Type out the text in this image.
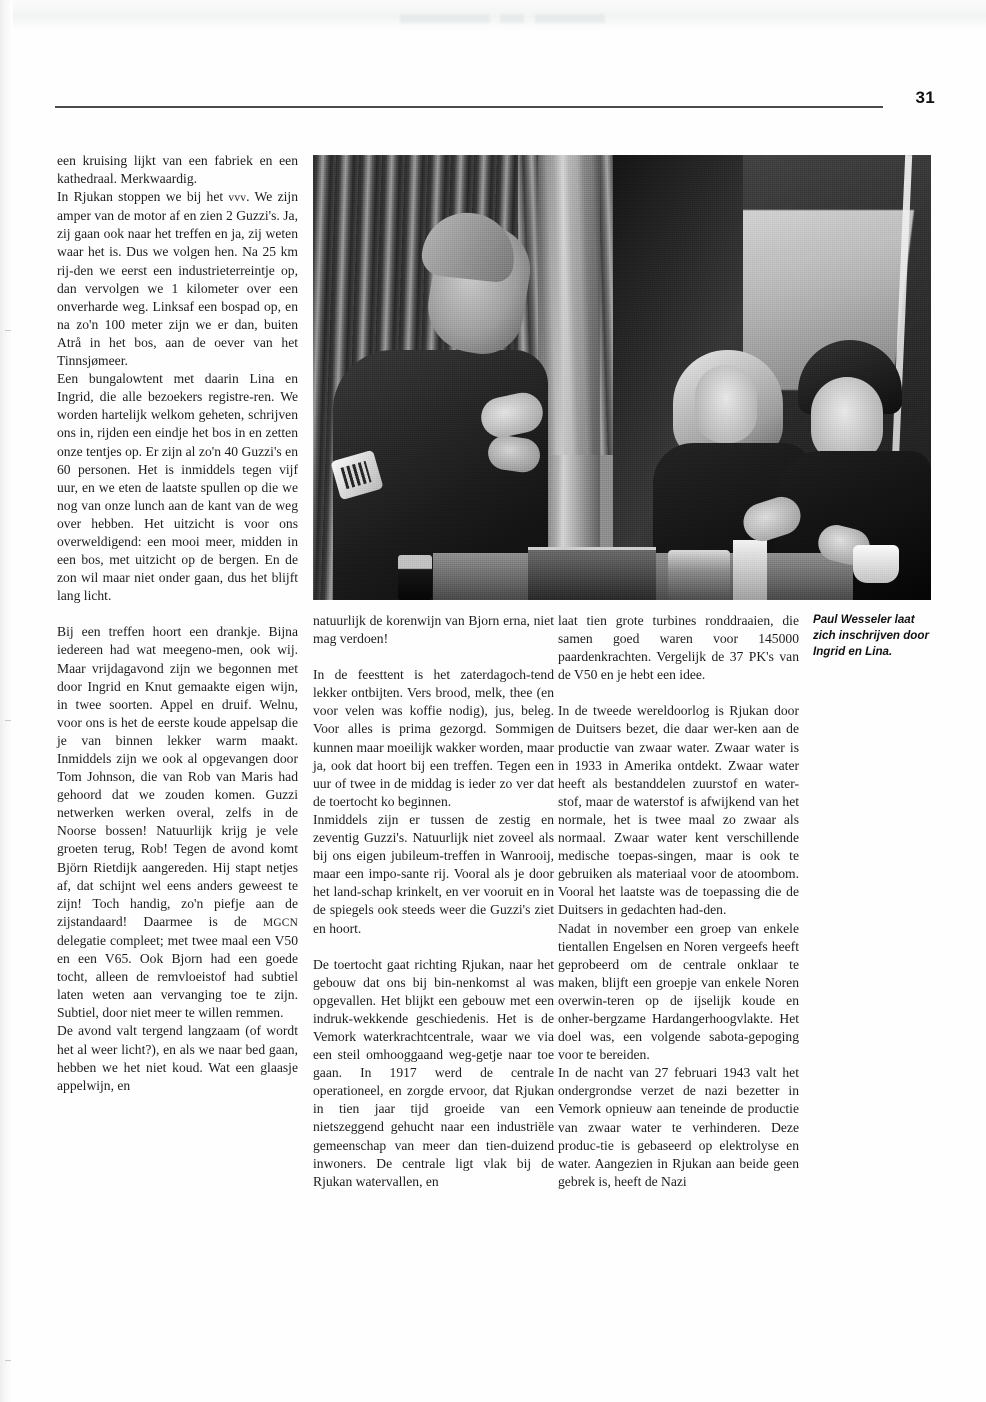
31
Paul Wesseler laat zich inschrijven door Ingrid en Lina.

een kruising lijkt van een fabriek en een kathedraal. Merkwaardig.

In Rjukan stoppen we bij het vvv. We zijn amper van de motor af en zien 2 Guzzi's. Ja, zij gaan ook naar het treffen en ja, zij weten waar het is. Dus we volgen hen. Na 25 km rij-den we eerst een industrieterreintje op, dan vervolgen we 1 kilometer over een onverharde weg. Linksaf een bospad op, en na zo'n 100 meter zijn we er dan, buiten Atrå in het bos, aan de oever van het Tinnsjømeer.

Een bungalowtent met daarin Lina en Ingrid, die alle bezoekers registre-ren. We worden hartelijk welkom geheten, schrijven ons in, rijden een eindje het bos in en zetten onze tentjes op. Er zijn al zo'n 40 Guzzi's en 60 personen. Het is inmiddels tegen vijf uur, en we eten de laatste spullen op die we nog van onze lunch aan de kant van de weg over hebben. Het uitzicht is voor ons overweldigend: een mooi meer, midden in een bos, met uitzicht op de bergen. En de zon wil maar niet onder gaan, dus het blijft lang licht.

Bij een treffen hoort een drankje. Bijna iedereen had wat meegeno-men, ook wij. Maar vrijdagavond zijn we begonnen met door Ingrid en Knut gemaakte eigen wijn, in twee soorten. Appel en druif. Welnu, voor ons is het de eerste koude appelsap die je van binnen lekker warm maakt. Inmiddels zijn we ook al opgevangen door Tom Johnson, die van Rob van Maris had gehoord dat we zouden komen. Guzzi netwerken werken overal, zelfs in de Noorse bossen! Natuurlijk krijg je vele groeten terug, Rob! Tegen de avond komt Björn Rietdijk aangereden. Hij stapt netjes af, dat schijnt wel eens anders geweest te zijn! Toch handig, zo'n piefje aan de zijstandaard! Daarmee is de MGCN delegatie compleet; met twee maal een V50 en een V65. Ook Bjorn had een goede tocht, alleen de remvloeistof had subtiel laten weten aan vervanging toe te zijn. Subtiel, door niet meer te willen remmen.

De avond valt tergend langzaam (of wordt het al weer licht?), en als we naar bed gaan, hebben we het niet koud. Wat een glaasje appelwijn, en

natuurlijk de korenwijn van Bjorn erna, niet mag verdoen!

In de feesttent is het zaterdagoch-tend lekker ontbijten. Vers brood, melk, thee (en voor velen was koffie nodig), jus, beleg. Voor alles is prima gezorgd. Sommigen kunnen maar moeilijk wakker worden, maar ja, ook dat hoort bij een treffen. Tegen een uur of twee in de middag is ieder zo ver dat de toertocht ko beginnen.

Inmiddels zijn er tussen de zestig en zeventig Guzzi's. Natuurlijk niet zoveel als bij ons eigen jubileum-treffen in Wanrooij, maar een impo-sante rij. Vooral als je door het land-schap krinkelt, en ver vooruit en in de spiegels ook steeds weer die Guzzi's ziet en hoort.

De toertocht gaat richting Rjukan, naar het gebouw dat ons bij bin-nenkomst al was opgevallen. Het blijkt een gebouw met een indruk-wekkende geschiedenis. Het is de Vemork waterkrachtcentrale, waar we via een steil omhooggaand weg-getje naar toe gaan. In 1917 werd de centrale operationeel, en zorgde ervoor, dat Rjukan in tien jaar tijd groeide van een nietszeggend gehucht naar een industriële gemeenschap van meer dan tien-duizend inwoners. De centrale ligt vlak bij de Rjukan watervallen, en

laat tien grote turbines ronddraaien, die samen goed waren voor 145000 paardenkrachten. Vergelijk de 37 PK's van de V50 en je hebt een idee.

In de tweede wereldoorlog is Rjukan door de Duitsers bezet, die daar wer-ken aan de productie van zwaar water. Zwaar water is in 1933 in Amerika ontdekt. Zwaar water heeft als bestanddelen zuurstof en water-stof, maar de waterstof is afwijkend van het normale, het is twee maal zo zwaar als normaal. Zwaar water kent verschillende medische toepas-singen, maar is ook te gebruiken als materiaal voor de atoombom. Vooral het laatste was de toepassing die de Duitsers in gedachten had-den.

Nadat in november een groep van enkele tientallen Engelsen en Noren vergeefs heeft geprobeerd om de centrale onklaar te maken, blijft een groepje van enkele Noren overwin-teren op de ijselijk koude en onher-bergzame Hardangerhoogvlakte. Het doel was, een volgende sabota-gepoging voor te bereiden.

In de nacht van 27 februari 1943 valt het ondergrondse verzet de nazi bezetter in Vemork opnieuw aan teneinde de productie van zwaar water te verhinderen. Deze produc-tie is gebaseerd op elektrolyse en water. Aangezien in Rjukan aan beide geen gebrek is, heeft de Nazi
